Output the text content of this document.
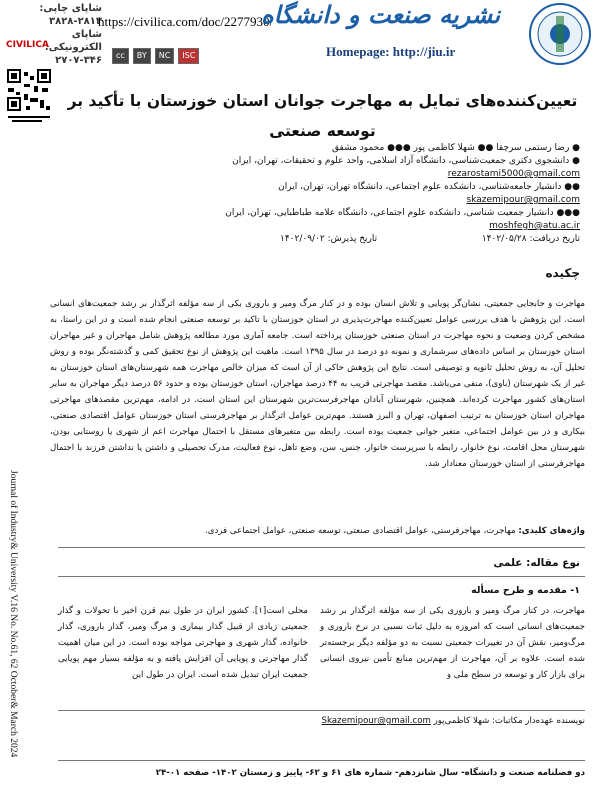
شاپای چاپی: ۲۸۱۳-۳۸۲۸
شاپای الکترونیکی: ۳۴۶-۲۷۰۷
CIVILICA
https://civilica.com/doc/2277930/
نشریه صنعت و دانشگاه
Homepage: http://jiu.ir
cc	BY	NC	ISC
تعیین‌کننده‌های تمایل به مهاجرت جوانان استان خوزستان با تأکید بر توسعه صنعتی
● رضا رستمی سرچقا ●● شهلا کاظمی پور ●●● محمود مشفق
● دانشجوی دکتری جمعیت‌شناسی، دانشگاه آزاد اسلامی، واحد علوم و تحقیقات، تهران، ایران
rezarostami5000@gmail.com
●● دانشیار جامعه‌شناسی، دانشکده علوم اجتماعی، دانشگاه تهران، تهران، ایران
skazemipour@gmail.com
●●● دانشیار جمعیت شناسی، دانشکده علوم اجتماعی، دانشگاه علامه طباطبایی، تهران، ایران
moshfegh@atu.ac.ir
تاریخ دریافت: ۱۴۰۲/۰۵/۲۸
تاریخ پذیرش: ۱۴۰۲/۰۹/۰۲
Journal of Industry& University V.16 No. No.61, 62 October& March 2024
چکیده
مهاجرت و جابجایی جمعیتی، نشان‌گر پویایی و تلاش انسان بوده و در کنار مرگ ومیر و باروری یکی از سه مؤلفه اثرگذار بر رشد جمعیت‌های انسانی است. این پژوهش با هدف بررسی عوامل تعیین‌کننده مهاجرت‌پذیری در استان خوزستان با تاکید بر توسعه صنعتی انجام شده است و در این راستا، به مشخص کردن وضعیت و نحوه مهاجرت در استان صنعتی خوزستان پرداخته است. جامعه آماری مورد مطالعه پژوهش شامل مهاجران و غیر مهاجران استان خوزستان بر اساس داده‌های سرشماری و نمونه دو درصد در سال ۱۳۹۵ است. ماهیت این پژوهش از نوع تحقیق کمی و گذشته‌نگر بوده و روش تحلیل آن، به روش تحلیل ثانویه و توصیفی است. نتایج این پژوهش حاکی از آن است که میزان خالص مهاجرت همه شهرستان‌های استان خوزستان به غیر از یک شهرستان (باوی)، منفی می‌باشد. مقصد مهاجرتی قریب به ۴۴ درصد مهاجران، استان خوزستان بوده و حدود ۵۶ درصد دیگر مهاجران به سایر استان‌های کشور مهاجرت کرده‌اند. همچنین، شهرستان آبادان مهاجرفرست‌ترین شهرستان این استان است. در ادامه، مهم‌ترین مقصدهای مهاجرتی مهاجران استان خوزستان به ترتیب اصفهان، تهران و البرز هستند. مهم‌ترین عوامل اثرگذار بر مهاجرفرستی استان خوزستان عوامل اقتصادی صنعتی، بیکاری و در بین عوامل اجتماعی، متغیر جوانی جمعیت بوده است. رابطه بین متغیرهای مستقل با احتمال مهاجرت اعم از شهری یا روستایی بودن، شهرستان محل اقامت، نوع خانوار، رابطه با سرپرست خانوار، جنس، سن، وضع تاهل، نوع فعالیت، مدرک تحصیلی و داشتن یا نداشتن فرزند با احتمال مهاجرفرستی از استان خوزستان معنادار شد.
واژه‌های کلیدی: مهاجرت، مهاجرفرستی، عوامل اقتصادی صنعتی، توسعه صنعتی، عوامل اجتماعی فردی.
نوع مقاله: علمی
۱- مقدمه و طرح مسأله
مهاجرت، در کنار مرگ ومیر و باروری یکی از سه مؤلفه اثرگذار بر رشد جمعیت‌های انسانی است که امروزه به دلیل ثبات نسبی در نرخ باروری و مرگ‌ومیر، نقش آن در تغییرات جمعیتی نسبت به دو مؤلفه دیگر برجسته‌تر شده است. علاوه بر آن، مهاجرت از مهم‌ترین منابع تأمین نیروی انسانی برای بازار کار و توسعه در سطح ملی و
محلی است[۱]. کشور ایران در طول نیم قرن اخیر با تحولات و گذار جمعیتی زیادی از قبیل گذار بیماری و مرگ ومیر، گذار باروری، گذار خانواده، گذار شهری و مهاجرتی مواجه بوده است. در این میان اهمیت گذار مهاجرتی و پویایی آن افزایش یافته و به مؤلفه بسیار مهم پویایی جمعیت ایران تبدیل شده است. ایران در طول این
نویسنده عهده‌دار مکاتبات: شهلا کاظمی‌پور Skazemipour@gmail.com
دو فصلنامه صنعت و دانشگاه- سال شانزدهم- شماره های ۶۱ و ۶۲- پاییز و زمستان ۱۴۰۲- صفحه ۰۱-۲۴
